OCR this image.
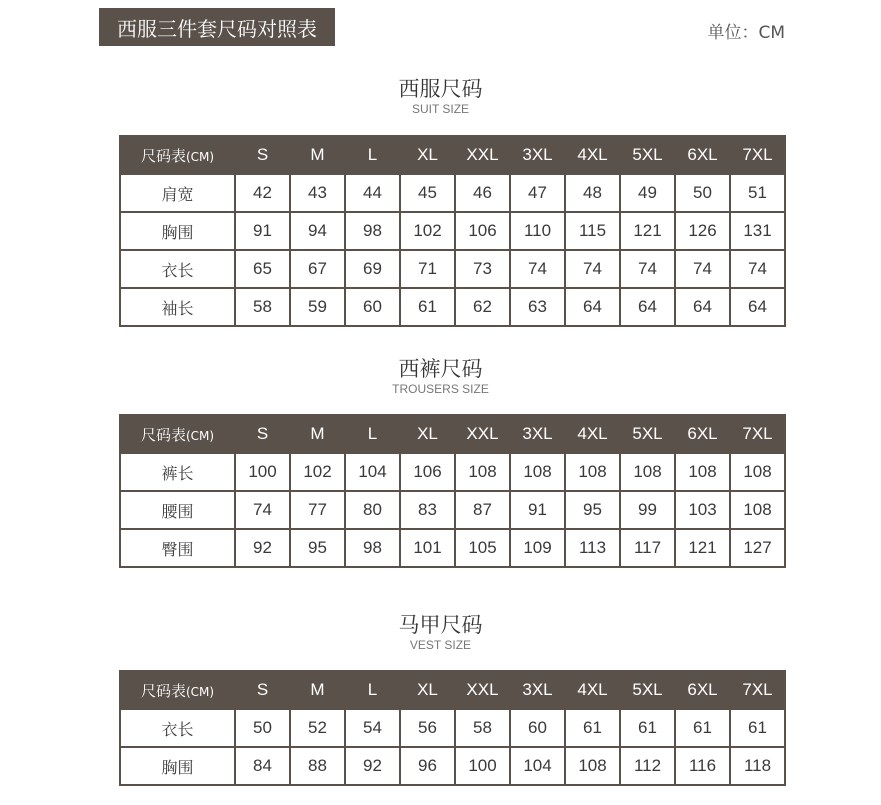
西服三件套尺码对照表	单位：CM
西服尺码
SUIT SIZE
尺码表(CM)	S	M	L	XL	XXL	3XL	4XL	5XL	6XL	7XL
肩宽	42	43	44	45	46	47	48	49	50	51
胸围	91	94	98	102	106	110	115	121	126	131
衣长	65	67	69	71	73	74	74	74	74	74
袖长	58	59	60	61	62	63	64	64	64	64
西裤尺码
TROUSERS SIZE
尺码表(CM)	S	M	L	XL	XXL	3XL	4XL	5XL	6XL	7XL
裤长	100	102	104	106	108	108	108	108	108	108
腰围	74	77	80	83	87	91	95	99	103	108
臀围	92	95	98	101	105	109	113	117	121	127
马甲尺码
VEST SIZE
尺码表(CM)	S	M	L	XL	XXL	3XL	4XL	5XL	6XL	7XL
衣长	50	52	54	56	58	60	61	61	61	61
胸围	84	88	92	96	100	104	108	112	116	118
